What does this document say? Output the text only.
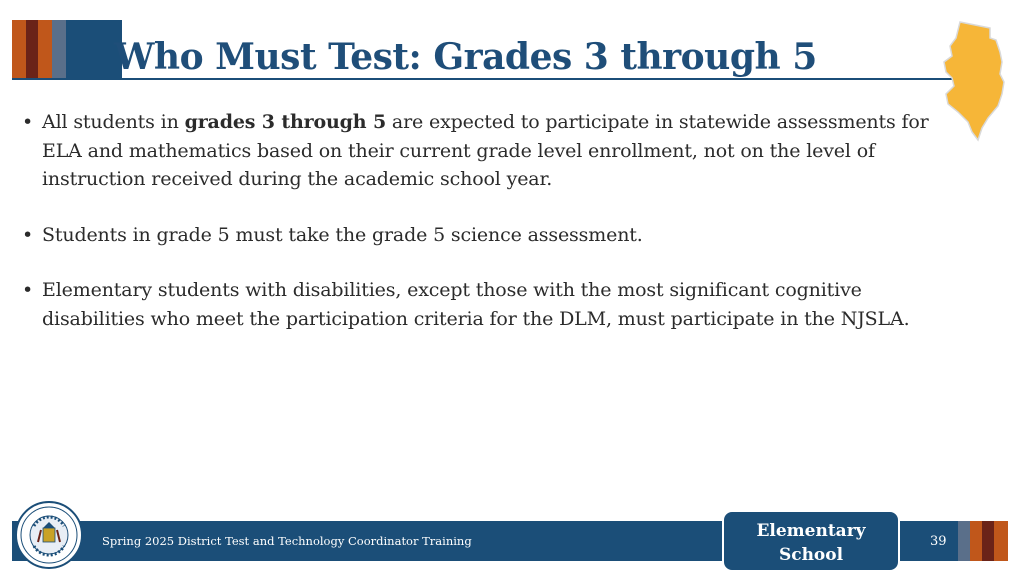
Who Must Test: Grades 3 through 5
• All students in grades 3 through 5 are expected to participate in statewide assessments for ELA and mathematics based on their current grade level enrollment, not on the level of instruction received during the academic school year.
• Students in grade 5 must take the grade 5 science assessment.
• Elementary students with disabilities, except those with the most significant cognitive disabilities who meet the participation criteria for the DLM, must participate in the NJSLA.
Spring 2025 District Test and Technology Coordinator Training	39
Elementary
School
